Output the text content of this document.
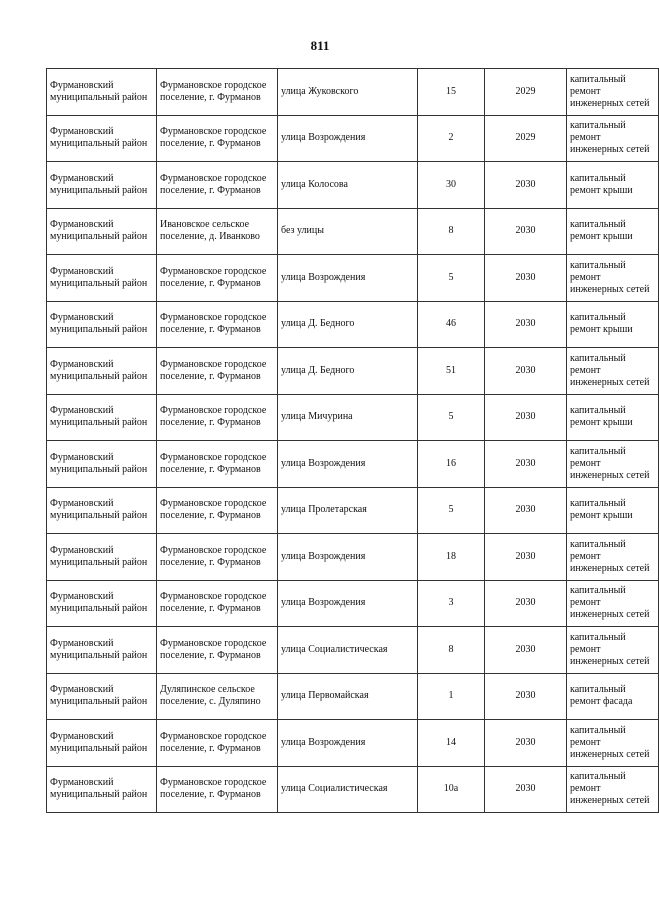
811
Фурмановский муниципальный район	Фурмановское городское поселение, г. Фурманов	улица Жуковского	15	2029	капитальный ремонт инженерных сетей
Фурмановский муниципальный район	Фурмановское городское поселение, г. Фурманов	улица Возрождения	2	2029	капитальный ремонт инженерных сетей
Фурмановский муниципальный район	Фурмановское городское поселение, г. Фурманов	улица Колосова	30	2030	капитальный ремонт крыши
Фурмановский муниципальный район	Ивановское сельское поселение, д. Иванково	без улицы	8	2030	капитальный ремонт крыши
Фурмановский муниципальный район	Фурмановское городское поселение, г. Фурманов	улица Возрождения	5	2030	капитальный ремонт инженерных сетей
Фурмановский муниципальный район	Фурмановское городское поселение, г. Фурманов	улица Д. Бедного	46	2030	капитальный ремонт крыши
Фурмановский муниципальный район	Фурмановское городское поселение, г. Фурманов	улица Д. Бедного	51	2030	капитальный ремонт инженерных сетей
Фурмановский муниципальный район	Фурмановское городское поселение, г. Фурманов	улица Мичурина	5	2030	капитальный ремонт крыши
Фурмановский муниципальный район	Фурмановское городское поселение, г. Фурманов	улица Возрождения	16	2030	капитальный ремонт инженерных сетей
Фурмановский муниципальный район	Фурмановское городское поселение, г. Фурманов	улица Пролетарская	5	2030	капитальный ремонт крыши
Фурмановский муниципальный район	Фурмановское городское поселение, г. Фурманов	улица Возрождения	18	2030	капитальный ремонт инженерных сетей
Фурмановский муниципальный район	Фурмановское городское поселение, г. Фурманов	улица Возрождения	3	2030	капитальный ремонт инженерных сетей
Фурмановский муниципальный район	Фурмановское городское поселение, г. Фурманов	улица Социалистическая	8	2030	капитальный ремонт инженерных сетей
Фурмановский муниципальный район	Дуляпинское сельское поселение, с. Дуляпино	улица Первомайская	1	2030	капитальный ремонт фасада
Фурмановский муниципальный район	Фурмановское городское поселение, г. Фурманов	улица Возрождения	14	2030	капитальный ремонт инженерных сетей
Фурмановский муниципальный район	Фурмановское городское поселение, г. Фурманов	улица Социалистическая	10а	2030	капитальный ремонт инженерных сетей
